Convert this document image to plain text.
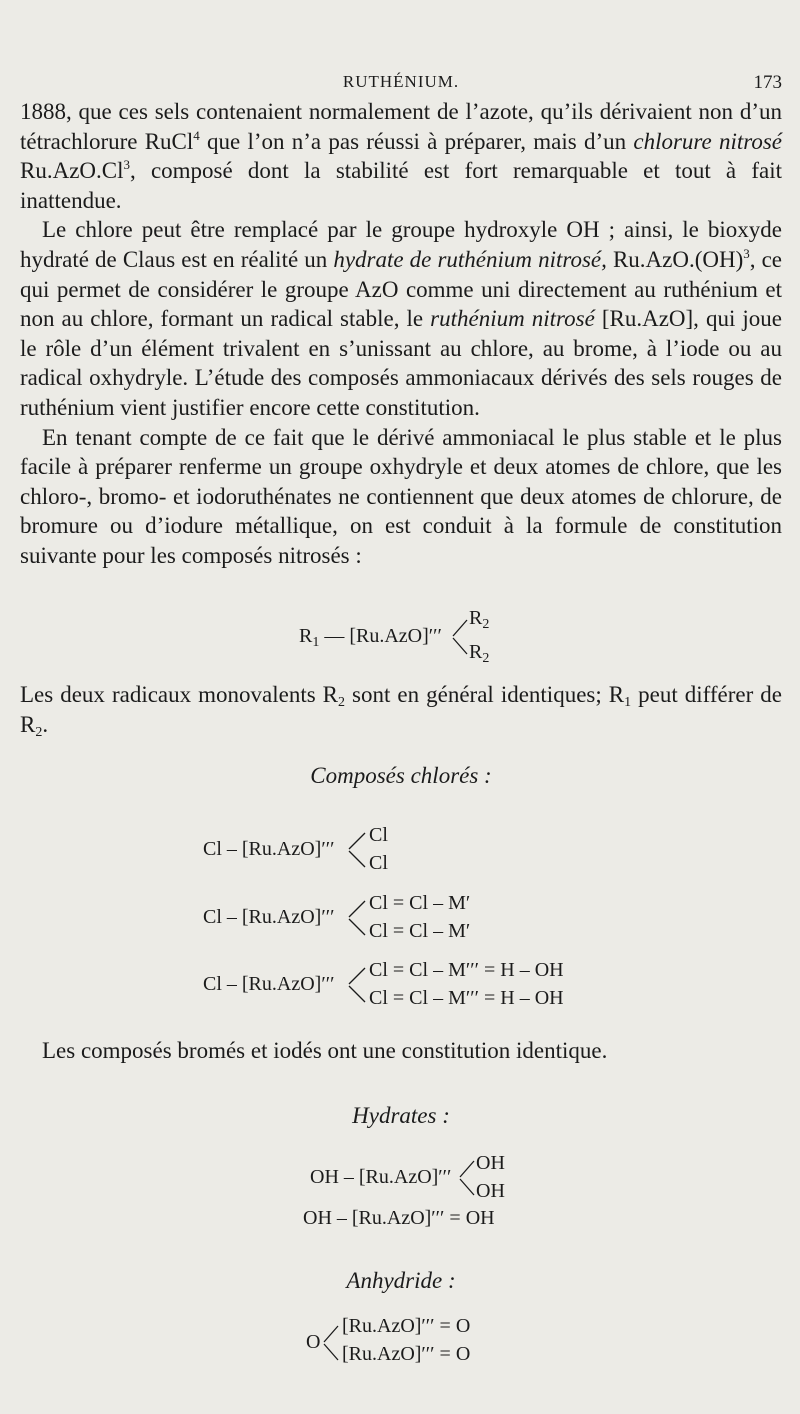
RUTHÉNIUM.	173

1888, que ces sels contenaient normalement de l’azote, qu’ils dérivaient non d’un tétrachlorure RuCl$^4$ que l’on n’a pas réussi à préparer, mais d’un chlorure nitrosé Ru.AzO.Cl$^3$, composé dont la stabilité est fort remarquable et tout à fait inattendue.

Le chlore peut être remplacé par le groupe hydroxyle OH ; ainsi, le bioxyde hydraté de Claus est en réalité un hydrate de ruthénium nitrosé, Ru.AzO.(OH)$^3$, ce qui permet de considérer le groupe AzO comme uni directement au ruthénium et non au chlore, formant un radical stable, le ruthénium nitrosé [Ru.AzO], qui joue le rôle d’un élément trivalent en s’unissant au chlore, au brome, à l’iode ou au radical oxhydryle. L’étude des composés ammoniacaux dérivés des sels rouges de ruthénium vient justifier encore cette constitution.

En tenant compte de ce fait que le dérivé ammoniacal le plus stable et le plus facile à préparer renferme un groupe oxhydryle et deux atomes de chlore, que les chloro-, bromo- et iodoruthénates ne contiennent que deux atomes de chlorure, de bromure ou d’iodure métallique, on est conduit à la formule de constitution suivante pour les composés nitrosés :

$R_1$ — [Ru.AzO]′′′
$R_2$
$R_2$
Les deux radicaux monovalents $R_2$ sont en général identiques; $R_1$ peut différer de $R_2$.
Composés chlorés :
Cl – [Ru.AzO]′′′
Cl
Cl
Cl – [Ru.AzO]′′′
Cl = Cl – M′
Cl = Cl – M′
Cl – [Ru.AzO]′′′
Cl = Cl – M′′′ = H – OH
Cl = Cl – M′′′ = H – OH
Les composés bromés et iodés ont une constitution identique.
Hydrates :
OH – [Ru.AzO]′′′
OH
OH
OH – [Ru.AzO]′′′ = OH
Anhydride :
O
[Ru.AzO]′′′ = O
[Ru.AzO]′′′ = O
